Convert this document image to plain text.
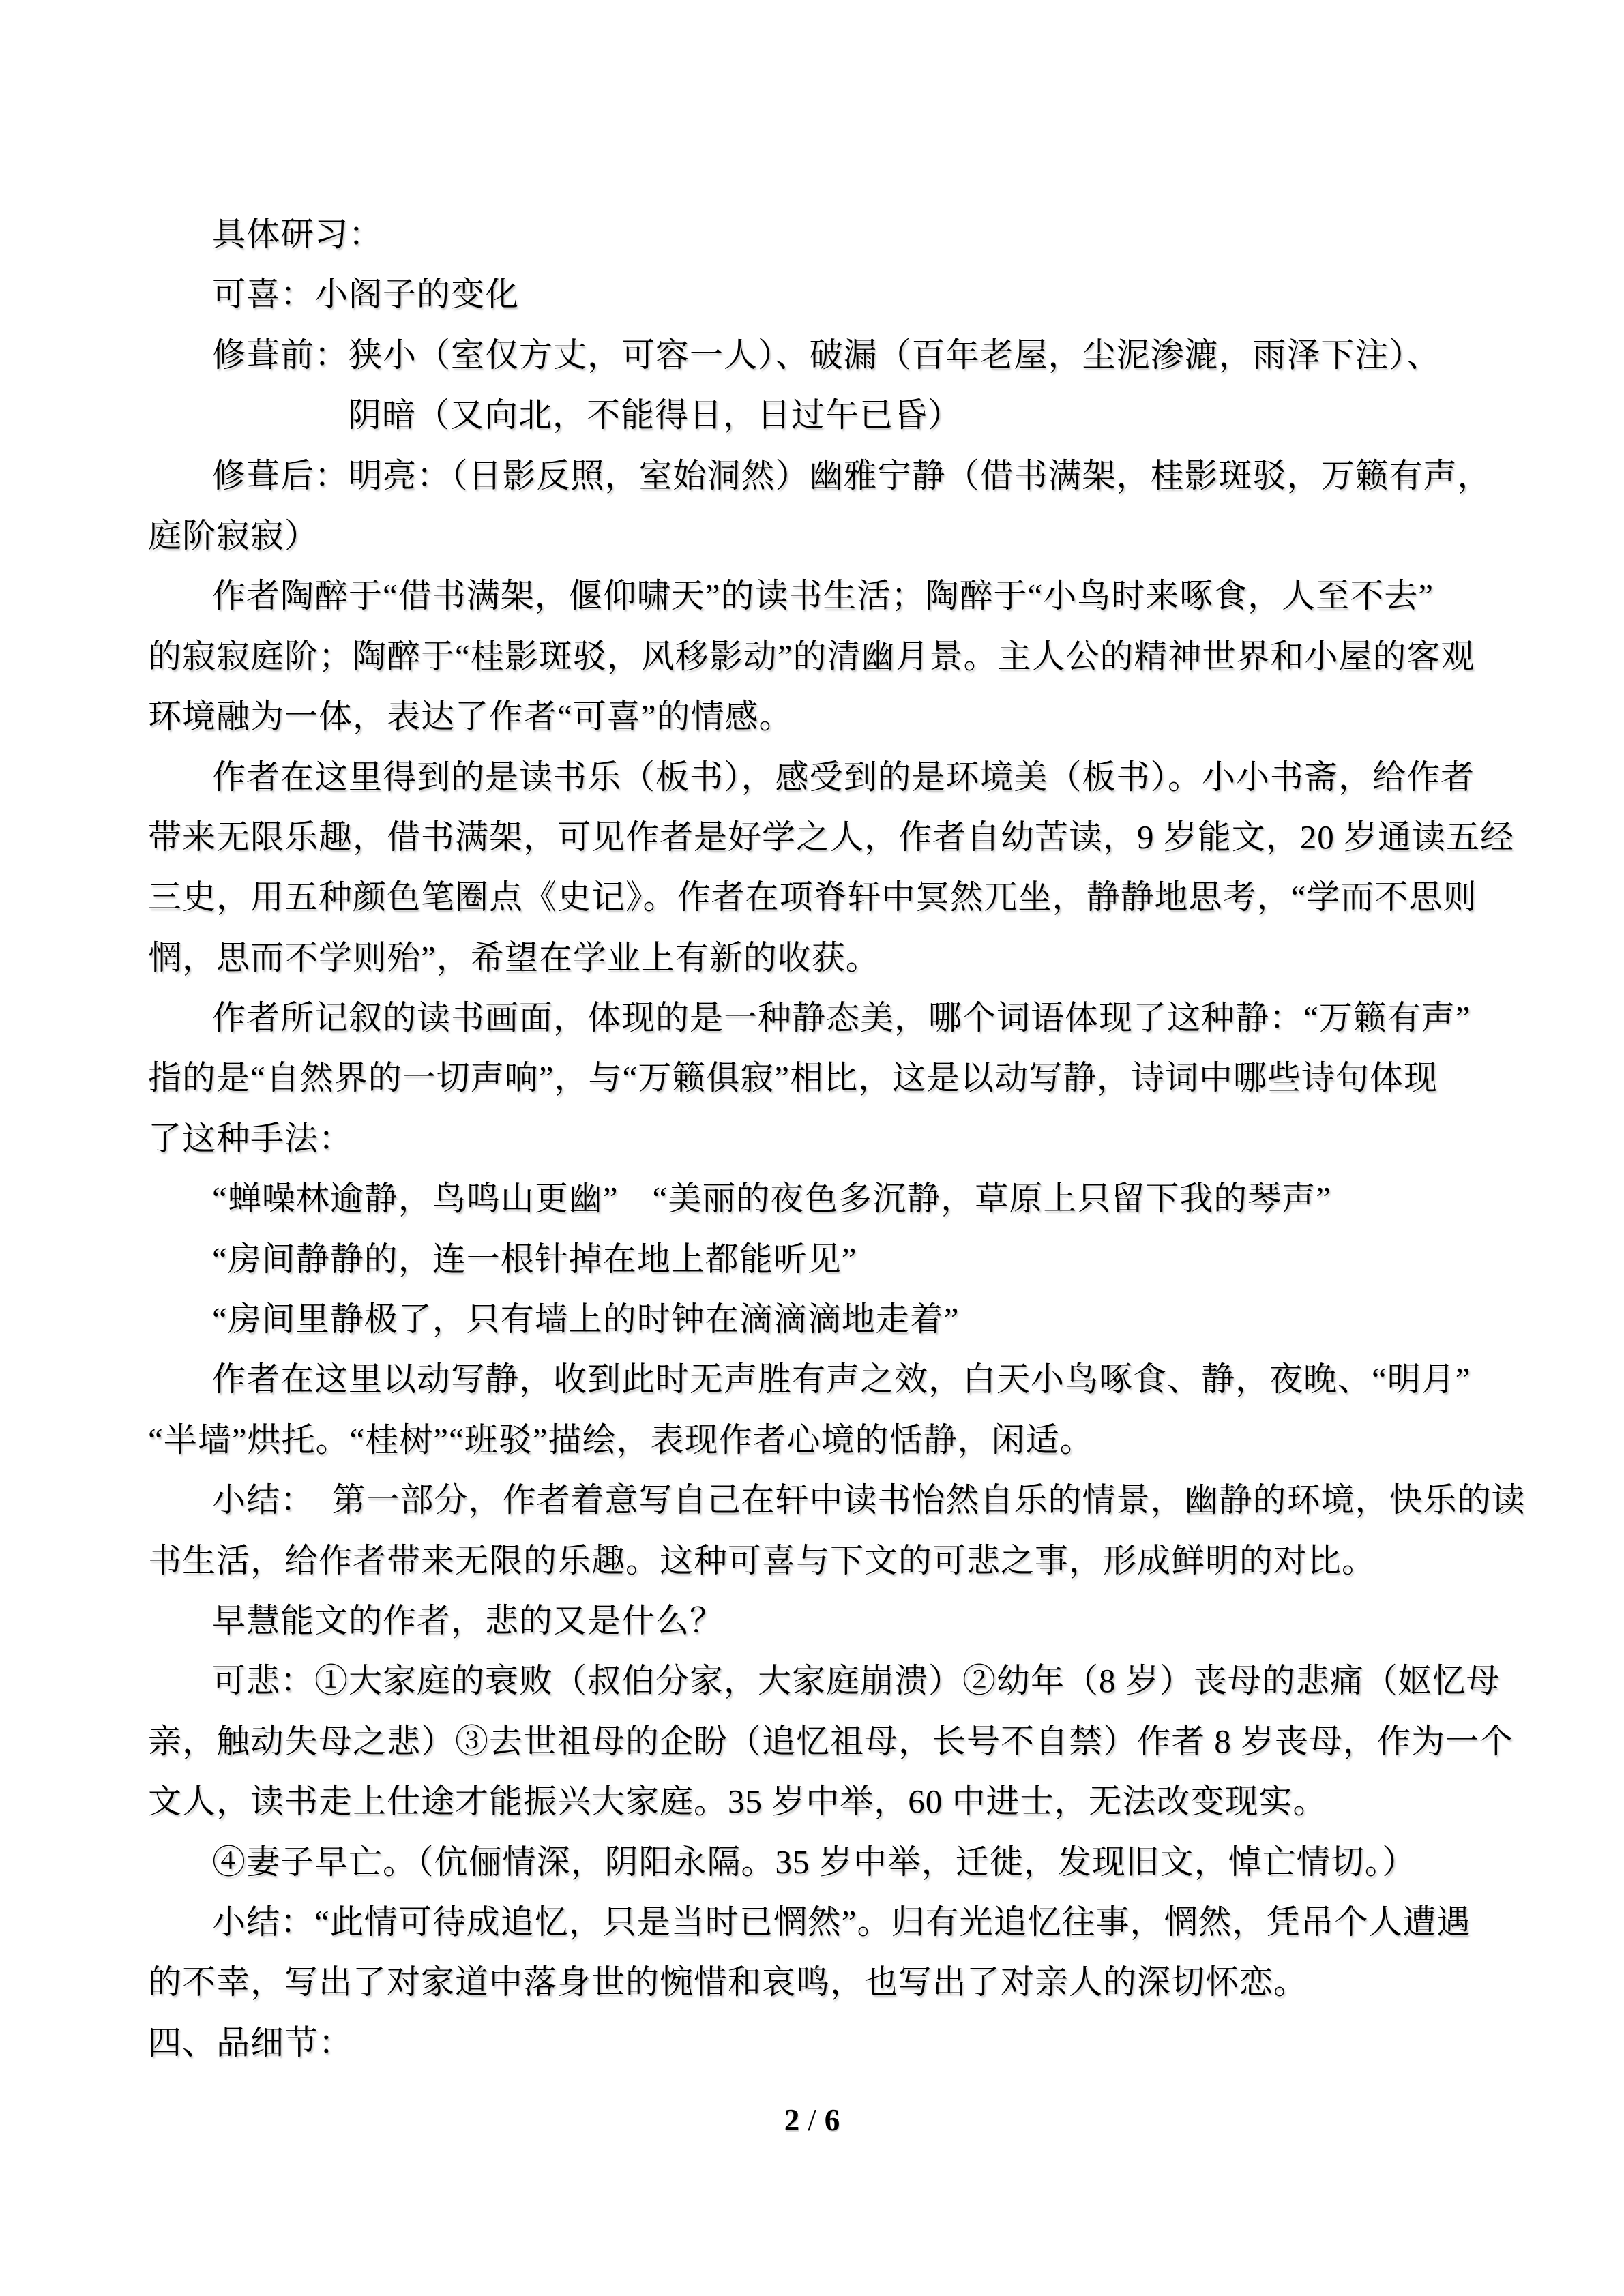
具体研习：
可喜：小阁子的变化
修葺前：狭小（室仅方丈，可容一人）、破漏（百年老屋，尘泥渗漉，雨泽下注）、
阴暗（又向北，不能得日，日过午已昏）
修葺后：明亮：（日影反照，室始洞然）幽雅宁静（借书满架，桂影斑驳，万籁有声，
庭阶寂寂）
作者陶醉于“借书满架，偃仰啸天”的读书生活；陶醉于“小鸟时来啄食，人至不去”
的寂寂庭阶；陶醉于“桂影斑驳，风移影动”的清幽月景。主人公的精神世界和小屋的客观
环境融为一体，表达了作者“可喜”的情感。
作者在这里得到的是读书乐（板书），感受到的是环境美（板书）。小小书斋，给作者
带来无限乐趣，借书满架，可见作者是好学之人，作者自幼苦读，9 岁能文，20 岁通读五经
三史，用五种颜色笔圈点《史记》。作者在项脊轩中冥然兀坐，静静地思考，“学而不思则
惘，思而不学则殆”，希望在学业上有新的收获。
作者所记叙的读书画面，体现的是一种静态美，哪个词语体现了这种静：“万籁有声”
指的是“自然界的一切声响”，与“万籁俱寂”相比，这是以动写静，诗词中哪些诗句体现
了这种手法：
“蝉噪林逾静，鸟鸣山更幽”　“美丽的夜色多沉静，草原上只留下我的琴声”
“房间静静的，连一根针掉在地上都能听见”
“房间里静极了，只有墙上的时钟在滴滴滴地走着”
作者在这里以动写静，收到此时无声胜有声之效，白天小鸟啄食、静，夜晚、“明月”
“半墙”烘托。“桂树”“班驳”描绘，表现作者心境的恬静，闲适。
小结：　第一部分，作者着意写自己在轩中读书怡然自乐的情景，幽静的环境，快乐的读
书生活，给作者带来无限的乐趣。这种可喜与下文的可悲之事，形成鲜明的对比。
早慧能文的作者，悲的又是什么？
可悲：①大家庭的衰败（叔伯分家，大家庭崩溃）②幼年（8 岁）丧母的悲痛（妪忆母
亲，触动失母之悲）③去世祖母的企盼（追忆祖母，长号不自禁）作者 8 岁丧母，作为一个
文人，读书走上仕途才能振兴大家庭。35 岁中举，60 中进士，无法改变现实。
④妻子早亡。（伉俪情深，阴阳永隔。35 岁中举，迁徙，发现旧文，悼亡情切。）
小结：“此情可待成追忆，只是当时已惘然”。归有光追忆往事，惘然，凭吊个人遭遇
的不幸，写出了对家道中落身世的惋惜和哀鸣，也写出了对亲人的深切怀恋。
四、品细节：
2 / 6
